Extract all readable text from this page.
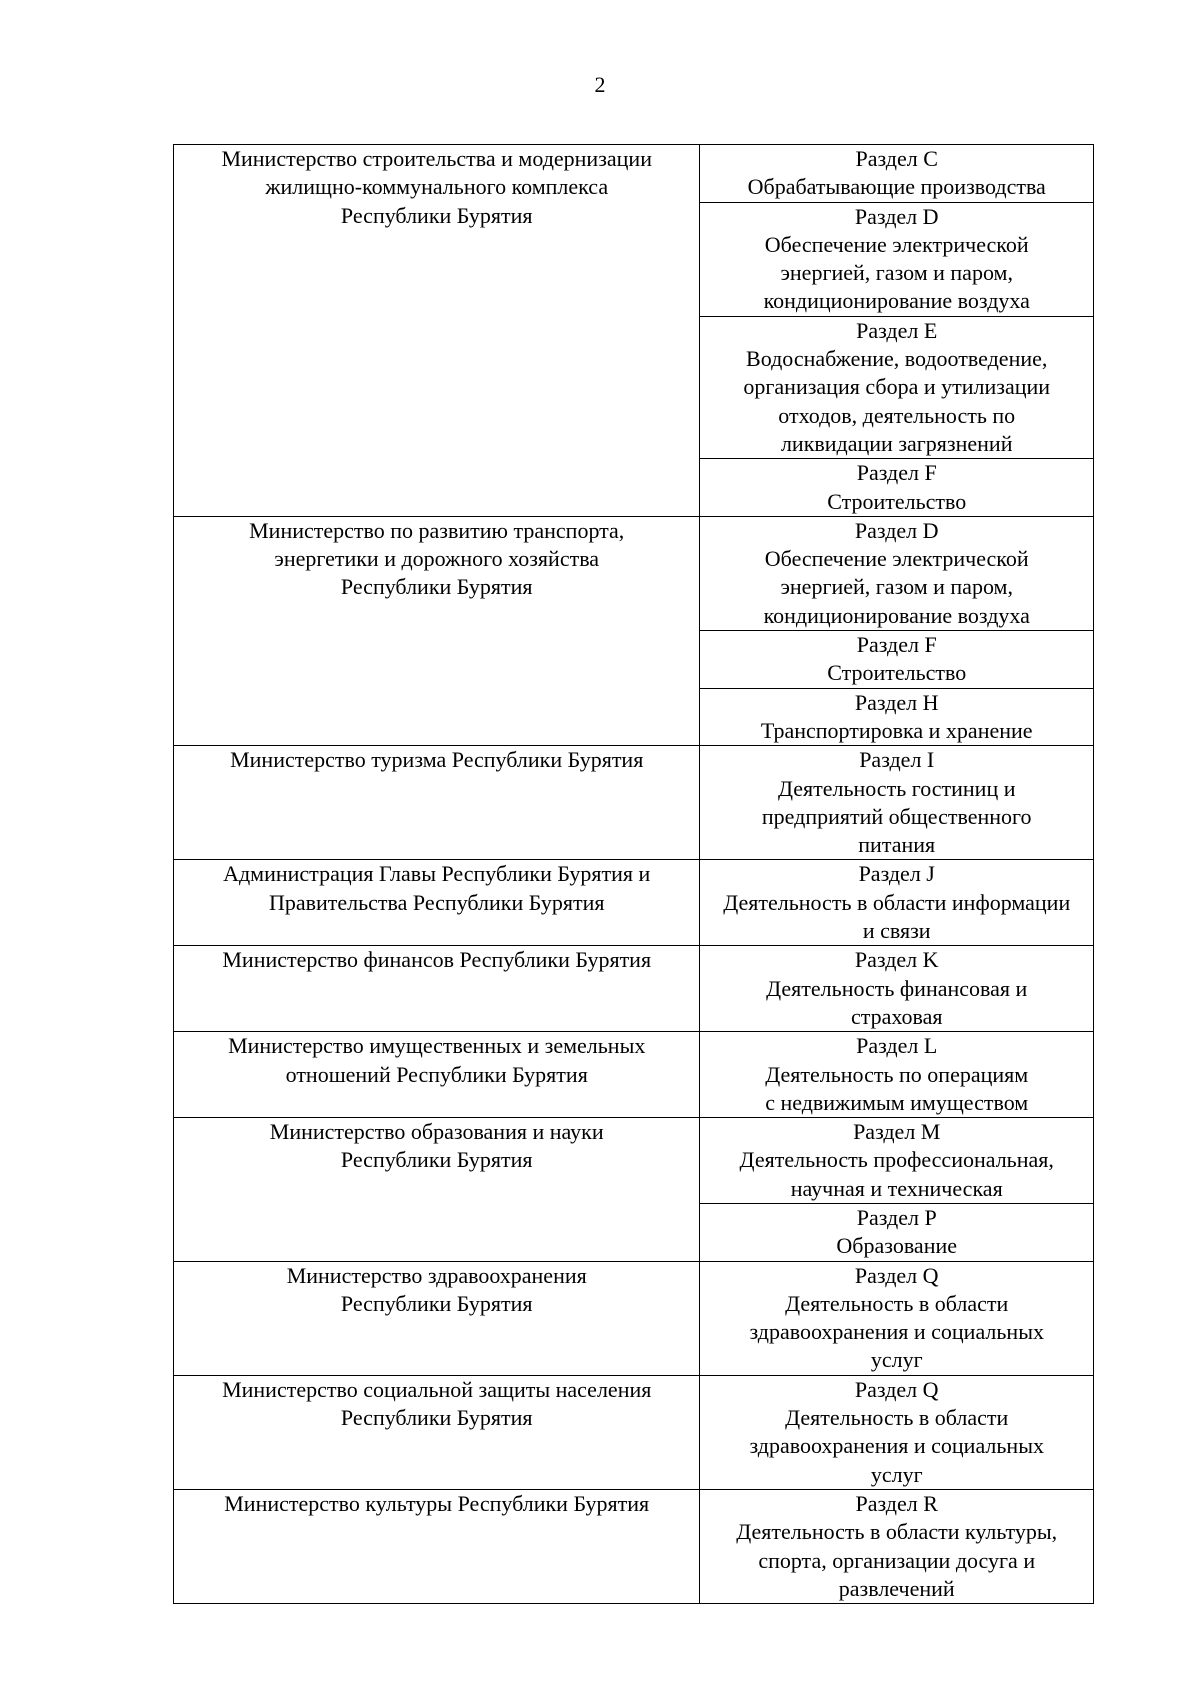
2
Министерство строительства и модернизации
жилищно-коммунального комплекса
Республики Бурятия	Раздел C
Обрабатывающие производства

	Раздел D
Обеспечение электрической
энергией, газом и паром,
кондиционирование воздуха

	Раздел E
Водоснабжение, водоотведение,
организация сбора и утилизации
отходов, деятельность по
ликвидации загрязнений

	Раздел F
Строительство

Министерство по развитию транспорта,
энергетики и дорожного хозяйства
Республики Бурятия	Раздел D
Обеспечение электрической
энергией, газом и паром,
кондиционирование воздуха

	Раздел F
Строительство

	Раздел H
Транспортировка и хранение

Министерство туризма Республики Бурятия	Раздел I
Деятельность гостиниц и
предприятий общественного
питания

Администрация Главы Республики Бурятия и
Правительства Республики Бурятия	Раздел J
Деятельность в области информации
и связи

Министерство финансов Республики Бурятия	Раздел K
Деятельность финансовая и
страховая

Министерство имущественных и земельных
отношений Республики Бурятия	Раздел L
Деятельность по операциям
с недвижимым имуществом

Министерство образования и науки
Республики Бурятия	Раздел M
Деятельность профессиональная,
научная и техническая

	Раздел P
Образование

Министерство здравоохранения
Республики Бурятия	Раздел Q
Деятельность в области
здравоохранения и социальных
услуг

Министерство социальной защиты населения
Республики Бурятия	Раздел Q
Деятельность в области
здравоохранения и социальных
услуг

Министерство культуры Республики Бурятия	Раздел R
Деятельность в области культуры,
спорта, организации досуга и
развлечений
